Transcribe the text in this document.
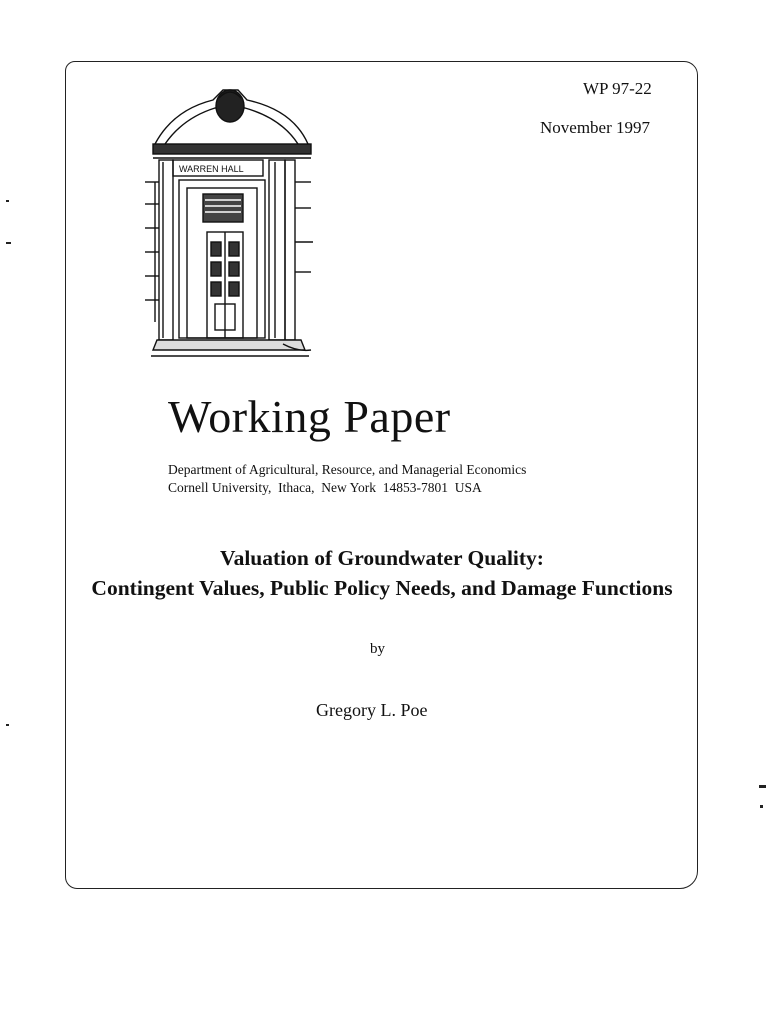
WP 97-22
November 1997
WARREN HALL
Working Paper
Department of Agricultural, Resource, and Managerial Economics
Cornell University,  Ithaca,  New York  14853-7801  USA
Valuation of Groundwater Quality:
Contingent Values, Public Policy Needs, and Damage Functions
by
Gregory L. Poe
